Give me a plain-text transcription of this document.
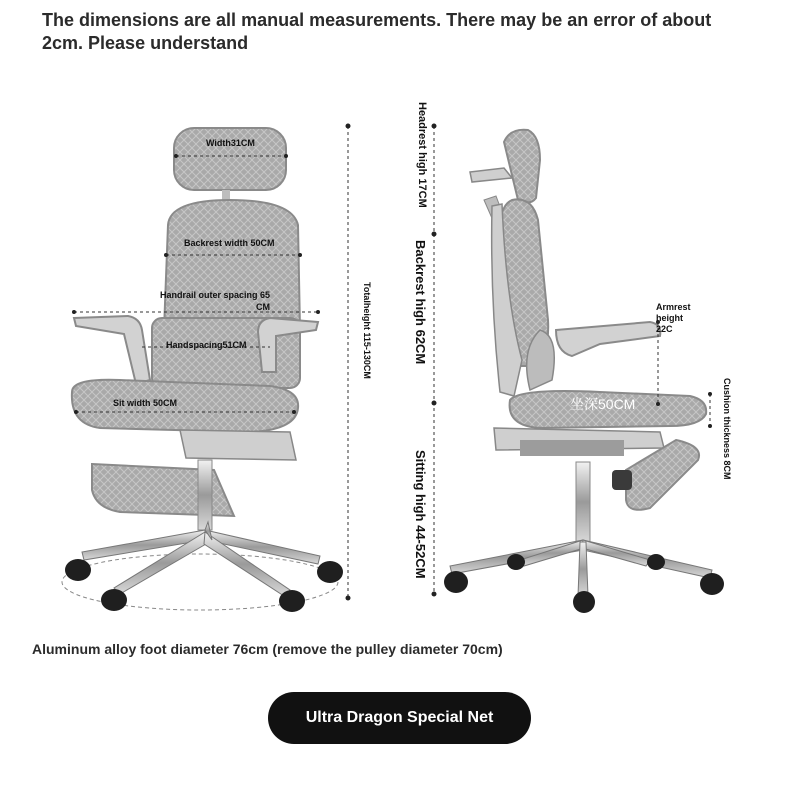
The dimensions are all manual measurements. There may be an error of about 2cm. Please understand
Width31CM
Backrest width 50CM
Handrail outer spacing 65 CM
Handspacing51CM
Sit width 50CM
Totalheight 115-130CM
Headrest high 17CM
Backrest high 62CM
Sitting high 44-52CM
Armrest height 22C
坐深50CM	Cushion thickness 8CM
Aluminum alloy foot diameter 76cm (remove the pulley diameter 70cm)
Ultra Dragon Special Net
